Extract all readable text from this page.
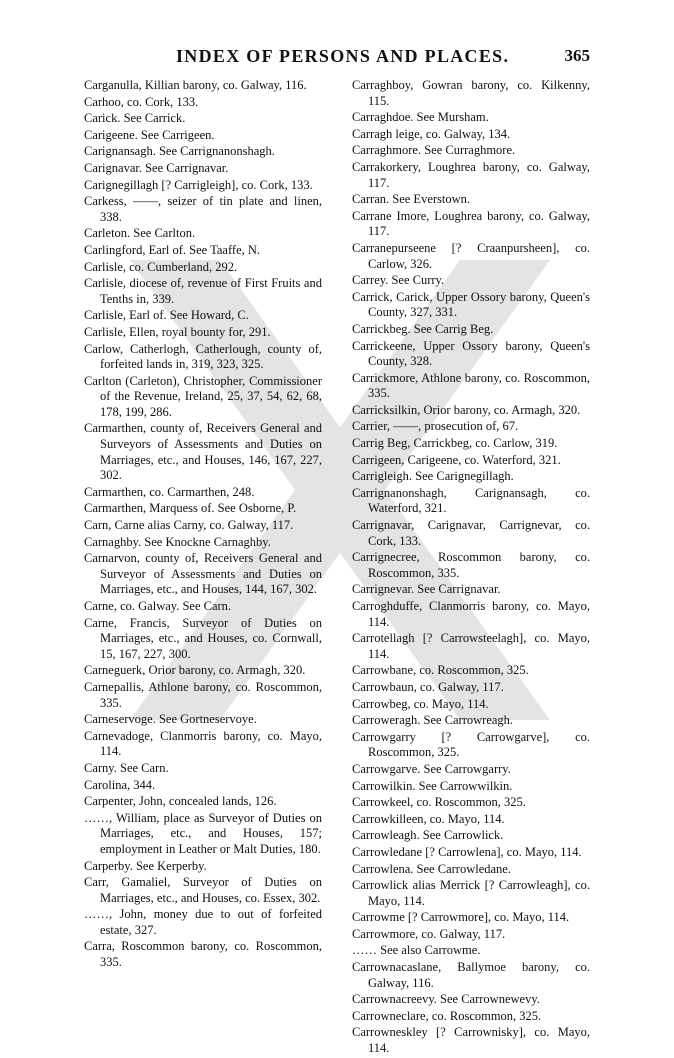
INDEX OF PERSONS AND PLACES.	365
Carganulla, Killian barony, co. Galway, 116.
Carhoo, co. Cork, 133.
Carick. See Carrick.
Carigeene. See Carrigeen.
Carignansagh. See Carrignanonshagh.
Carignavar. See Carrignavar.
Carignegillagh [? Carrigleigh], co. Cork, 133.
Carkess, ——, seizer of tin plate and linen, 338.
Carleton. See Carlton.
Carlingford, Earl of. See Taaffe, N.
Carlisle, co. Cumberland, 292.
Carlisle, diocese of, revenue of First Fruits and Tenths in, 339.
Carlisle, Earl of. See Howard, C.
Carlisle, Ellen, royal bounty for, 291.
Carlow, Catherlogh, Catherlough, county of, forfeited lands in, 319, 323, 325.
Carlton (Carleton), Christopher, Commissioner of the Revenue, Ireland, 25, 37, 54, 62, 68, 178, 199, 286.
Carmarthen, county of, Receivers General and Surveyors of Assessments and Duties on Marriages, etc., and Houses, 146, 167, 227, 302.
Carmarthen, co. Carmarthen, 248.
Carmarthen, Marquess of. See Osborne, P.
Carn, Carne alias Carny, co. Galway, 117.
Carnaghby. See Knockne Carnaghby.
Carnarvon, county of, Receivers General and Surveyor of Assessments and Duties on Marriages, etc., and Houses, 144, 167, 302.
Carne, co. Galway. See Carn.
Carne, Francis, Surveyor of Duties on Marriages, etc., and Houses, co. Cornwall, 15, 167, 227, 300.
Carneguerk, Orior barony, co. Armagh, 320.
Carnepallis, Athlone barony, co. Roscommon, 335.
Carneservoge. See Gortneservoye.
Carnevadoge, Clanmorris barony, co. Mayo, 114.
Carny. See Carn.
Carolina, 344.
Carpenter, John, concealed lands, 126.
……, William, place as Surveyor of Duties on Marriages, etc., and Houses, 157; employment in Leather or Malt Duties, 180.
Carperby. See Kerperby.
Carr, Gamaliel, Surveyor of Duties on Marriages, etc., and Houses, co. Essex, 302.
……, John, money due to out of forfeited estate, 327.
Carra, Roscommon barony, co. Roscommon, 335.
Carraghboy, Gowran barony, co. Kilkenny, 115.
Carraghdoe. See Mursham.
Carragh leige, co. Galway, 134.
Carraghmore. See Curraghmore.
Carrakorkery, Loughrea barony, co. Galway, 117.
Carran. See Everstown.
Carrane Imore, Loughrea barony, co. Galway, 117.
Carranepurseene [? Craanpursheen], co. Carlow, 326.
Carrey. See Curry.
Carrick, Carick, Upper Ossory barony, Queen's County, 327, 331.
Carrickbeg. See Carrig Beg.
Carrickeene, Upper Ossory barony, Queen's County, 328.
Carrickmore, Athlone barony, co. Roscommon, 335.
Carricksilkin, Orior barony, co. Armagh, 320.
Carrier, ——, prosecution of, 67.
Carrig Beg, Carrickbeg, co. Carlow, 319.
Carrigeen, Carigeene, co. Waterford, 321.
Carrigleigh. See Carignegillagh.
Carrignanonshagh, Carignansagh, co. Waterford, 321.
Carrignavar, Carignavar, Carrignevar, co. Cork, 133.
Carrignecree, Roscommon barony, co. Roscommon, 335.
Carrignevar. See Carrignavar.
Carroghduffe, Clanmorris barony, co. Mayo, 114.
Carrotellagh [? Carrowsteelagh], co. Mayo, 114.
Carrowbane, co. Roscommon, 325.
Carrowbaun, co. Galway, 117.
Carrowbeg, co. Mayo, 114.
Carroweragh. See Carrowreagh.
Carrowgarry [? Carrowgarve], co. Roscommon, 325.
Carrowgarve. See Carrowgarry.
Carrowilkin. See Carrowwilkin.
Carrowkeel, co. Roscommon, 325.
Carrowkilleen, co. Mayo, 114.
Carrowleagh. See Carrowlick.
Carrowledane [? Carrowlena], co. Mayo, 114.
Carrowlena. See Carrowledane.
Carrowlick alias Merrick [? Carrowleagh], co. Mayo, 114.
Carrowme [? Carrowmore], co. Mayo, 114.
Carrowmore, co. Galway, 117.
…… See also Carrowme.
Carrownacaslane, Ballymoe barony, co. Galway, 116.
Carrownacreevy. See Carrownewevy.
Carrowneclare, co. Roscommon, 325.
Carrowneskley [? Carrownisky], co. Mayo, 114.
